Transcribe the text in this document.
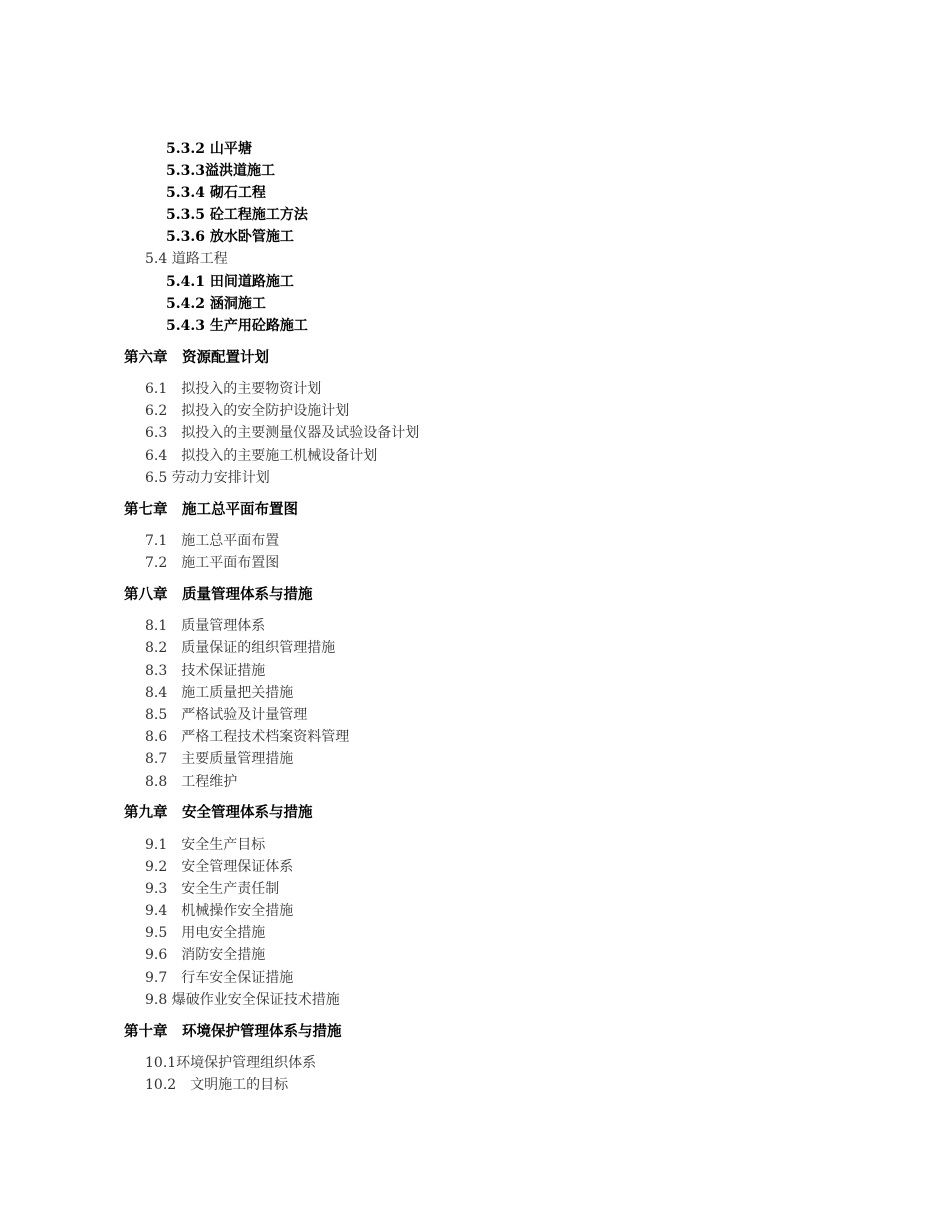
5.3.2 山平塘
5.3.3溢洪道施工
5.3.4 砌石工程
5.3.5 砼工程施工方法
5.3.6 放水卧管施工
5.4 道路工程
5.4.1 田间道路施工
5.4.2 涵洞施工
5.4.3 生产用砼路施工
第六章　资源配置计划
6.1　拟投入的主要物资计划
6.2　拟投入的安全防护设施计划
6.3　拟投入的主要测量仪器及试验设备计划
6.4　拟投入的主要施工机械设备计划
6.5 劳动力安排计划
第七章　施工总平面布置图
7.1　施工总平面布置
7.2　施工平面布置图
第八章　质量管理体系与措施
8.1　质量管理体系
8.2　质量保证的组织管理措施
8.3　技术保证措施
8.4　施工质量把关措施
8.5　严格试验及计量管理
8.6　严格工程技术档案资料管理
8.7　主要质量管理措施
8.8　工程维护
第九章　安全管理体系与措施
9.1　安全生产目标
9.2　安全管理保证体系
9.3　安全生产责任制
9.4　机械操作安全措施
9.5　用电安全措施
9.6　消防安全措施
9.7　行车安全保证措施
9.8 爆破作业安全保证技术措施
第十章　环境保护管理体系与措施
10.1环境保护管理组织体系
10.2　文明施工的目标
